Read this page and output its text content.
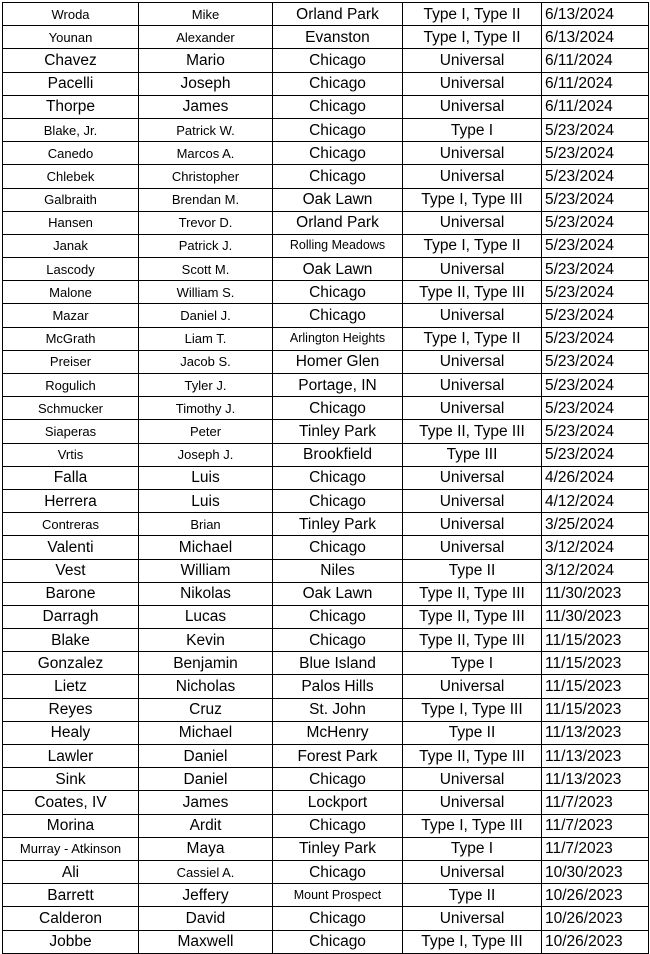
Wroda	Mike	Orland Park	Type I, Type II	6/13/2024
Younan	Alexander	Evanston	Type I, Type II	6/13/2024
Chavez	Mario	Chicago	Universal	6/11/2024
Pacelli	Joseph	Chicago	Universal	6/11/2024
Thorpe	James	Chicago	Universal	6/11/2024
Blake, Jr.	Patrick W.	Chicago	Type I	5/23/2024
Canedo	Marcos A.	Chicago	Universal	5/23/2024
Chlebek	Christopher	Chicago	Universal	5/23/2024
Galbraith	Brendan M.	Oak Lawn	Type I, Type III	5/23/2024
Hansen	Trevor D.	Orland Park	Universal	5/23/2024
Janak	Patrick J.	Rolling Meadows	Type I, Type II	5/23/2024
Lascody	Scott M.	Oak Lawn	Universal	5/23/2024
Malone	William S.	Chicago	Type II, Type III	5/23/2024
Mazar	Daniel J.	Chicago	Universal	5/23/2024
McGrath	Liam T.	Arlington Heights	Type I, Type II	5/23/2024
Preiser	Jacob S.	Homer Glen	Universal	5/23/2024
Rogulich	Tyler J.	Portage, IN	Universal	5/23/2024
Schmucker	Timothy J.	Chicago	Universal	5/23/2024
Siaperas	Peter	Tinley Park	Type II, Type III	5/23/2024
Vrtis	Joseph J.	Brookfield	Type III	5/23/2024
Falla	Luis	Chicago	Universal	4/26/2024
Herrera	Luis	Chicago	Universal	4/12/2024
Contreras	Brian	Tinley Park	Universal	3/25/2024
Valenti	Michael	Chicago	Universal	3/12/2024
Vest	William	Niles	Type II	3/12/2024
Barone	Nikolas	Oak Lawn	Type II, Type III	11/30/2023
Darragh	Lucas	Chicago	Type II, Type III	11/30/2023
Blake	Kevin	Chicago	Type II, Type III	11/15/2023
Gonzalez	Benjamin	Blue Island	Type I	11/15/2023
Lietz	Nicholas	Palos Hills	Universal	11/15/2023
Reyes	Cruz	St. John	Type I, Type III	11/15/2023
Healy	Michael	McHenry	Type II	11/13/2023
Lawler	Daniel	Forest Park	Type II, Type III	11/13/2023
Sink	Daniel	Chicago	Universal	11/13/2023
Coates, IV	James	Lockport	Universal	11/7/2023
Morina	Ardit	Chicago	Type I, Type III	11/7/2023
Murray - Atkinson	Maya	Tinley Park	Type I	11/7/2023
Ali	Cassiel A.	Chicago	Universal	10/30/2023
Barrett	Jeffery	Mount Prospect	Type II	10/26/2023
Calderon	David	Chicago	Universal	10/26/2023
Jobbe	Maxwell	Chicago	Type I, Type III	10/26/2023
